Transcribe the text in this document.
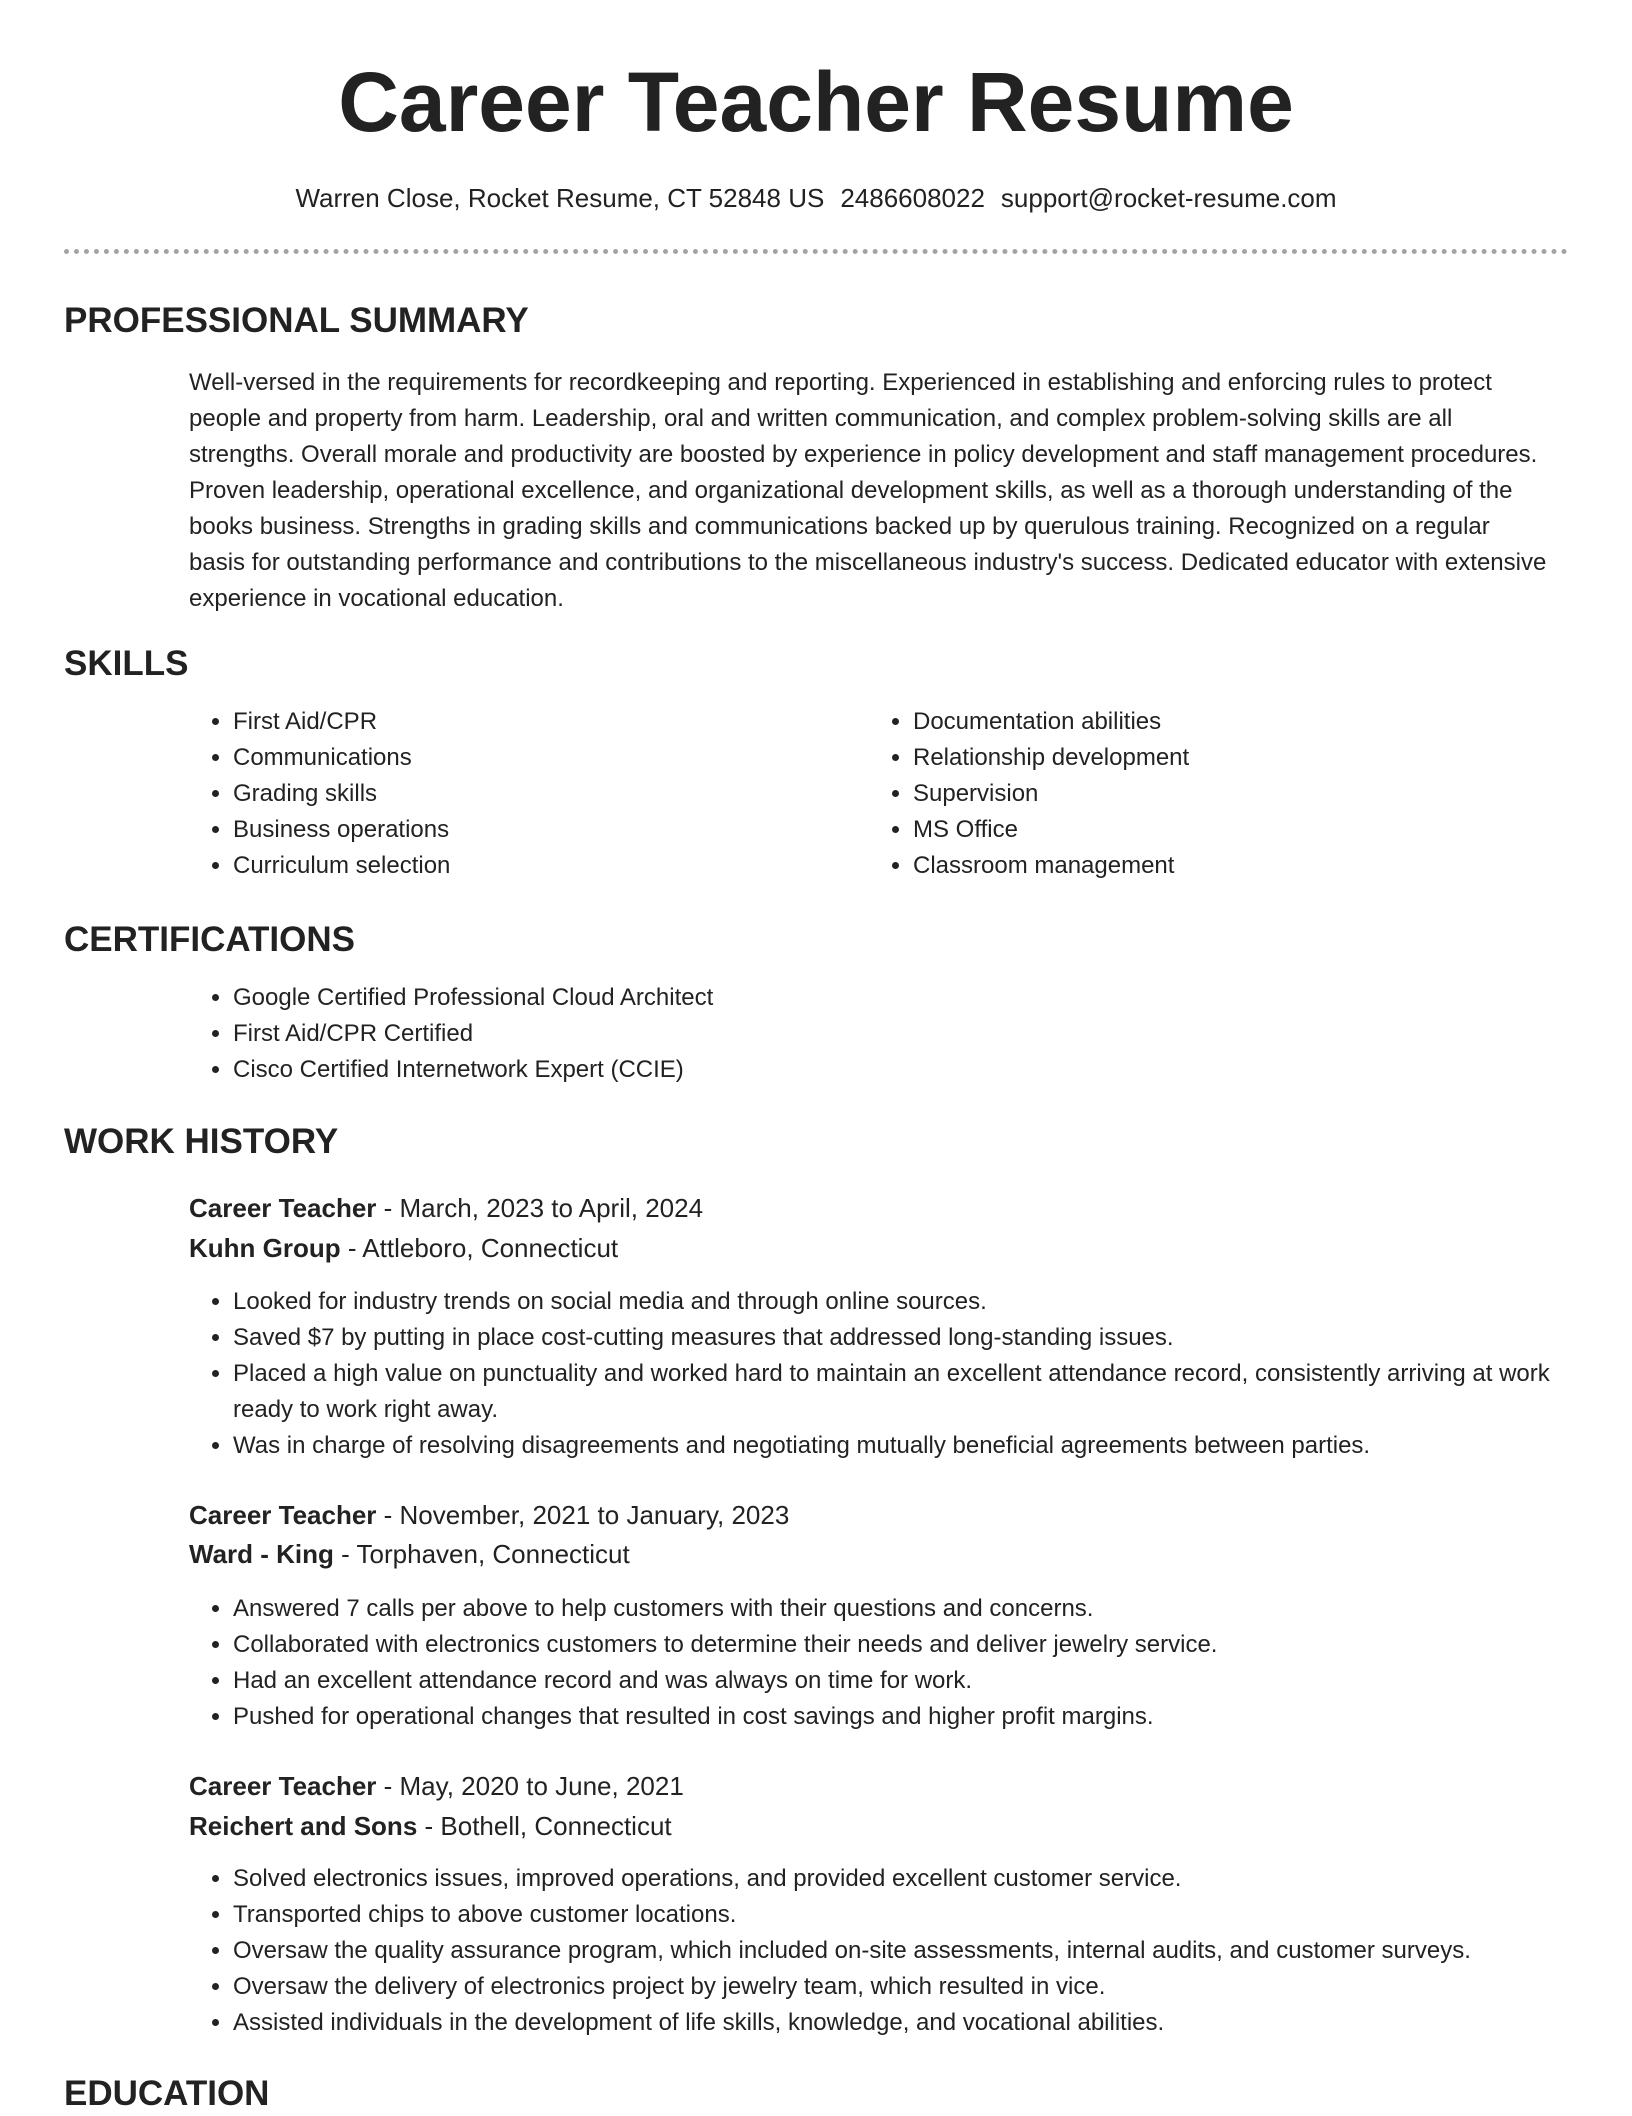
Career Teacher Resume
Warren Close, Rocket Resume, CT 52848 US 2486608022 support@rocket-resume.com
PROFESSIONAL SUMMARY

Well-versed in the requirements for recordkeeping and reporting. Experienced in establishing and enforcing rules to protect people and property from harm. Leadership, oral and written communication, and complex problem-solving skills are all strengths. Overall morale and productivity are boosted by experience in policy development and staff management procedures. Proven leadership, operational excellence, and organizational development skills, as well as a thorough understanding of the books business. Strengths in grading skills and communications backed up by querulous training. Recognized on a regular basis for outstanding performance and contributions to the miscellaneous industry's success. Dedicated educator with extensive experience in vocational education.

SKILLS
• First Aid/CPR
• Communications
• Grading skills
• Business operations
• Curriculum selection
• Documentation abilities
• Relationship development
• Supervision
• MS Office
• Classroom management
CERTIFICATIONS
• Google Certified Professional Cloud Architect
• First Aid/CPR Certified
• Cisco Certified Internetwork Expert (CCIE)
WORK HISTORY
Career Teacher - March, 2023 to April, 2024
Kuhn Group - Attleboro, Connecticut
• Looked for industry trends on social media and through online sources.
• Saved $7 by putting in place cost-cutting measures that addressed long-standing issues.
• Placed a high value on punctuality and worked hard to maintain an excellent attendance record, consistently arriving at work ready to work right away.
• Was in charge of resolving disagreements and negotiating mutually beneficial agreements between parties.
Career Teacher - November, 2021 to January, 2023
Ward - King - Torphaven, Connecticut
• Answered 7 calls per above to help customers with their questions and concerns.
• Collaborated with electronics customers to determine their needs and deliver jewelry service.
• Had an excellent attendance record and was always on time for work.
• Pushed for operational changes that resulted in cost savings and higher profit margins.
Career Teacher - May, 2020 to June, 2021
Reichert and Sons - Bothell, Connecticut
• Solved electronics issues, improved operations, and provided excellent customer service.
• Transported chips to above customer locations.
• Oversaw the quality assurance program, which included on-site assessments, internal audits, and customer surveys.
• Oversaw the delivery of electronics project by jewelry team, which resulted in vice.
• Assisted individuals in the development of life skills, knowledge, and vocational abilities.
EDUCATION
